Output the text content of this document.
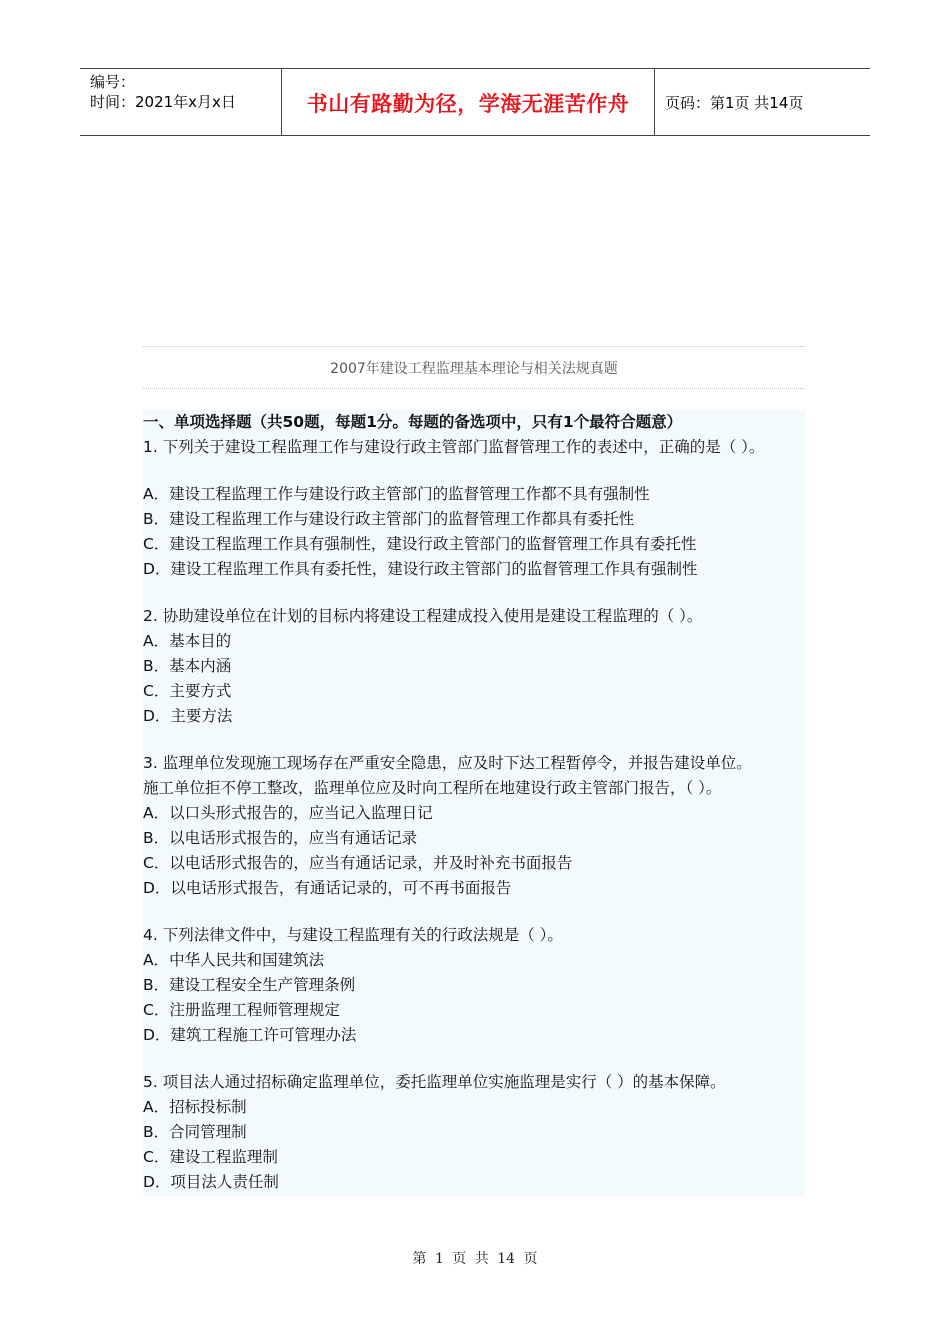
编号：
时间：2021年x月x日	书山有路勤为径，学海无涯苦作舟	页码：第1页 共14页
2007年建设工程监理基本理论与相关法规真题
一、单项选择题（共50题，每题1分。每题的备选项中，只有1个最符合题意）
1. 下列关于建设工程监理工作与建设行政主管部门监督管理工作的表述中，正确的是（ ）。
A．建设工程监理工作与建设行政主管部门的监督管理工作都不具有强制性
B．建设工程监理工作与建设行政主管部门的监督管理工作都具有委托性
C．建设工程监理工作具有强制性，建设行政主管部门的监督管理工作具有委托性
D．建设工程监理工作具有委托性，建设行政主管部门的监督管理工作具有强制性
2. 协助建设单位在计划的目标内将建设工程建成投入使用是建设工程监理的（ ）。
A．基本目的
B．基本内涵
C．主要方式
D．主要方法
3. 监理单位发现施工现场存在严重安全隐患，应及时下达工程暂停令，并报告建设单位。
施工单位拒不停工整改，监理单位应及时向工程所在地建设行政主管部门报告，（ ）。
A．以口头形式报告的，应当记入监理日记
B．以电话形式报告的，应当有通话记录
C．以电话形式报告的，应当有通话记录，并及时补充书面报告
D．以电话形式报告，有通话记录的，可不再书面报告
4. 下列法律文件中，与建设工程监理有关的行政法规是（ ）。
A．中华人民共和国建筑法
B．建设工程安全生产管理条例
C．注册监理工程师管理规定
D．建筑工程施工许可管理办法
5. 项目法人通过招标确定监理单位，委托监理单位实施监理是实行（ ）的基本保障。
A．招标投标制
B．合同管理制
C．建设工程监理制
D．项目法人责任制
第 1 页 共 14 页
